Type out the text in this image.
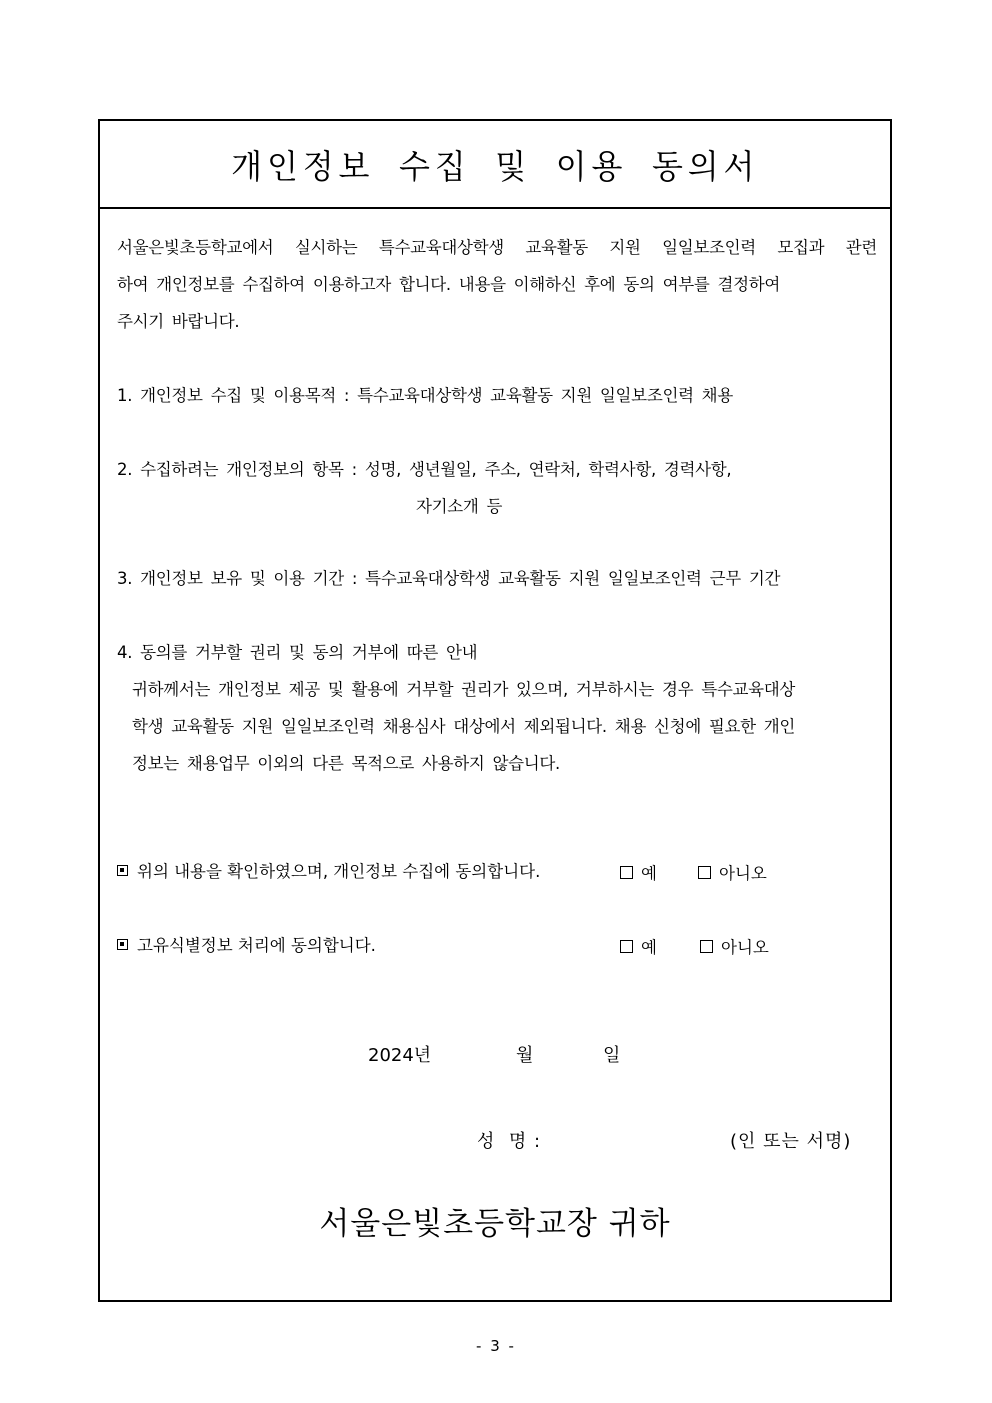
개인정보 수집 및 이용 동의서
서울은빛초등학교에서 실시하는 특수교육대상학생 교육활동 지원 일일보조인력 모집과 관련
하여 개인정보를 수집하여 이용하고자 합니다. 내용을 이해하신 후에 동의 여부를 결정하여
주시기 바랍니다.
1. 개인정보 수집 및 이용목적 : 특수교육대상학생 교육활동 지원 일일보조인력 채용
2. 수집하려는 개인정보의 항목 : 성명, 생년월일, 주소, 연락처, 학력사항, 경력사항,
자기소개 등
3. 개인정보 보유 및 이용 기간 : 특수교육대상학생 교육활동 지원 일일보조인력 근무 기간
4. 동의를 거부할 권리 및 동의 거부에 따른 안내
귀하께서는 개인정보 제공 및 활용에 거부할 권리가 있으며, 거부하시는 경우 특수교육대상
학생 교육활동 지원 일일보조인력 채용심사 대상에서 제외됩니다. 채용 신청에 필요한 개인
정보는 채용업무 이외의 다른 목적으로 사용하지 않습니다.
위의 내용을 확인하였으며, 개인정보 수집에 동의합니다.	예	아니오
고유식별정보 처리에 동의합니다.	예	아니오
2024년	월	일
성  명 :	(인 또는 서명)
서울은빛초등학교장 귀하
- 3 -
